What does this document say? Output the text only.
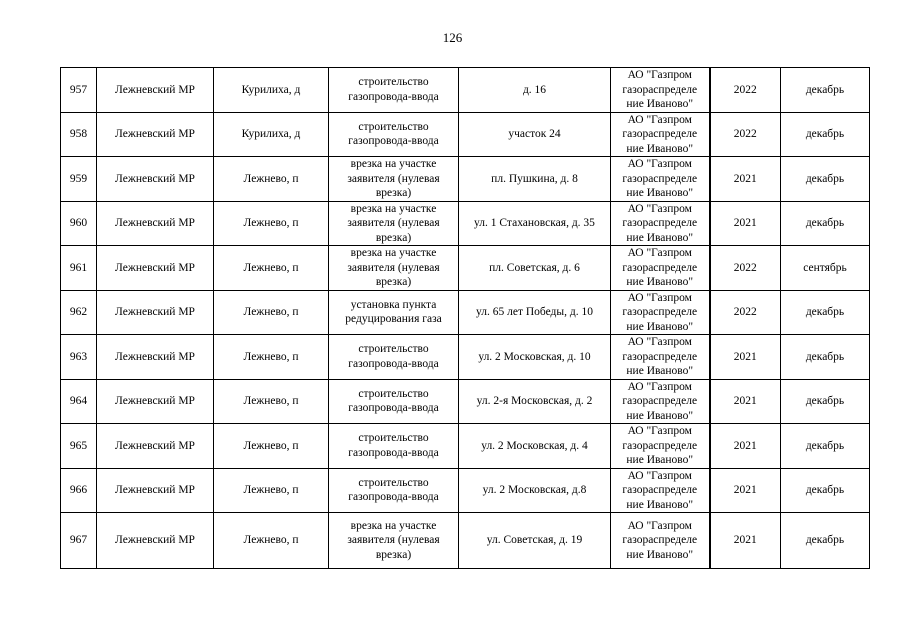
126
957	Лежневский МР	Курилиха, д	строительство газопровода-ввода	д. 16	АО "Газпром газораспределе ние Иваново"	2022	декабрь
958	Лежневский МР	Курилиха, д	строительство газопровода-ввода	участок 24	АО "Газпром газораспределе ние Иваново"	2022	декабрь
959	Лежневский МР	Лежнево, п	врезка на участке заявителя (нулевая врезка)	пл. Пушкина, д. 8	АО "Газпром газораспределе ние Иваново"	2021	декабрь
960	Лежневский МР	Лежнево, п	врезка на участке заявителя (нулевая врезка)	ул. 1 Стахановская, д. 35	АО "Газпром газораспределе ние Иваново"	2021	декабрь
961	Лежневский МР	Лежнево, п	врезка на участке заявителя (нулевая врезка)	пл. Советская, д. 6	АО "Газпром газораспределе ние Иваново"	2022	сентябрь
962	Лежневский МР	Лежнево, п	установка пункта редуцирования газа	ул. 65 лет Победы, д. 10	АО "Газпром газораспределе ние Иваново"	2022	декабрь
963	Лежневский МР	Лежнево, п	строительство газопровода-ввода	ул. 2 Московская, д. 10	АО "Газпром газораспределе ние Иваново"	2021	декабрь
964	Лежневский МР	Лежнево, п	строительство газопровода-ввода	ул. 2-я Московская, д. 2	АО "Газпром газораспределе ние Иваново"	2021	декабрь
965	Лежневский МР	Лежнево, п	строительство газопровода-ввода	ул. 2 Московская, д. 4	АО "Газпром газораспределе ние Иваново"	2021	декабрь
966	Лежневский МР	Лежнево, п	строительство газопровода-ввода	ул. 2 Московская, д.8	АО "Газпром газораспределе ние Иваново"	2021	декабрь
967	Лежневский МР	Лежнево, п	врезка на участке заявителя (нулевая врезка)	ул. Советская, д. 19	АО "Газпром газораспределе ние Иваново"	2021	декабрь
